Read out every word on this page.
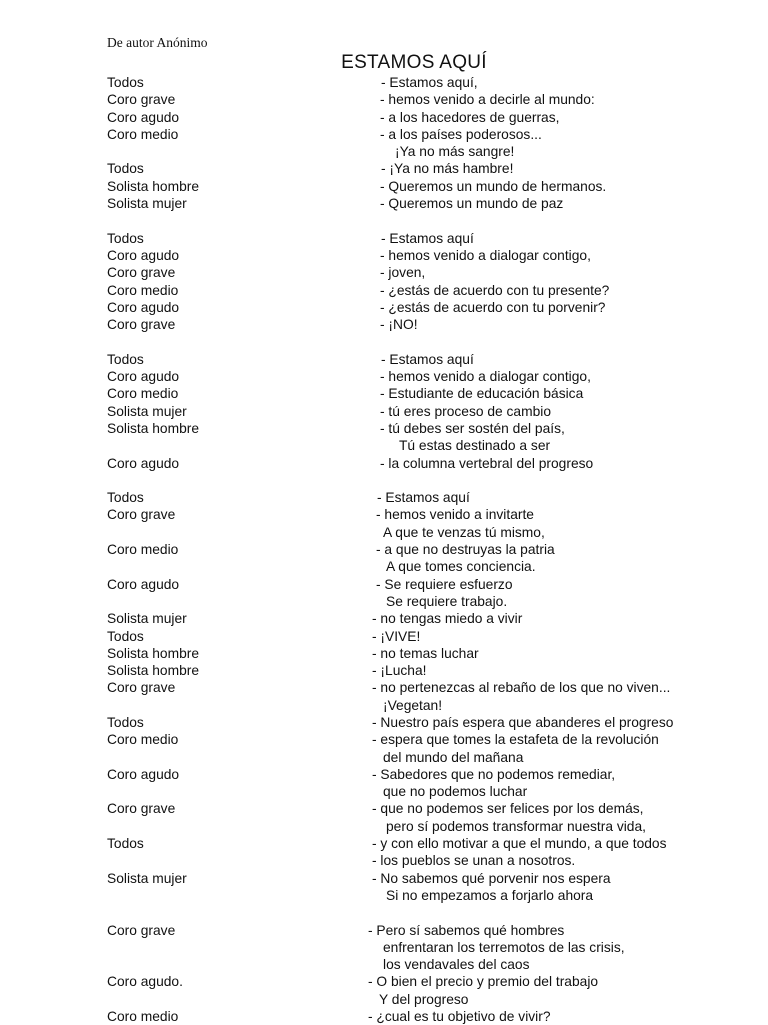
De autor Anónimo
ESTAMOS AQUÍ
Todos	- Estamos aquí,
Coro grave	- hemos venido a decirle al mundo:
Coro agudo	- a los hacedores de guerras,
Coro medio	- a los países poderosos...
¡Ya no más sangre!
Todos	- ¡Ya no más hambre!
Solista hombre	- Queremos un mundo de hermanos.
Solista mujer	- Queremos un mundo de paz
Todos	- Estamos aquí
Coro agudo	- hemos venido a dialogar contigo,
Coro grave	- joven,
Coro medio	- ¿estás de acuerdo con tu presente?
Coro agudo	- ¿estás de acuerdo con tu porvenir?
Coro grave	- ¡NO!
Todos	- Estamos aquí
Coro agudo	- hemos venido a dialogar contigo,
Coro medio	- Estudiante de educación básica
Solista mujer	- tú eres proceso de cambio
Solista hombre	- tú debes ser sostén del país,
Tú estas destinado a ser
Coro agudo	- la columna vertebral del progreso
Todos	- Estamos aquí
Coro grave	- hemos venido a invitarte
A que te venzas tú mismo,
Coro medio	- a que no destruyas la patria
A que tomes conciencia.
Coro agudo	- Se requiere esfuerzo
Se requiere trabajo.
Solista mujer	- no tengas miedo a vivir
Todos	- ¡VIVE!
Solista hombre	- no temas luchar
Solista hombre	- ¡Lucha!
Coro grave	- no pertenezcas al rebaño de los que no viven...
¡Vegetan!
Todos	- Nuestro país espera que abanderes el progreso
Coro medio	- espera que tomes la estafeta de la revolución
del mundo del mañana
Coro agudo	- Sabedores que no podemos remediar,
que no podemos luchar
Coro grave	- que no podemos ser felices por los demás,
pero sí podemos transformar nuestra vida,
Todos	- y con ello motivar a que el mundo, a que todos
- los pueblos se unan a nosotros.
Solista mujer	- No sabemos qué porvenir nos espera
Si no empezamos a forjarlo ahora
Coro grave	- Pero sí sabemos qué hombres
enfrentaran los terremotos de las crisis,
los vendavales del caos
Coro agudo.	- O bien el precio y premio del trabajo
Y del progreso
Coro medio	- ¿cual es tu objetivo de vivir?
